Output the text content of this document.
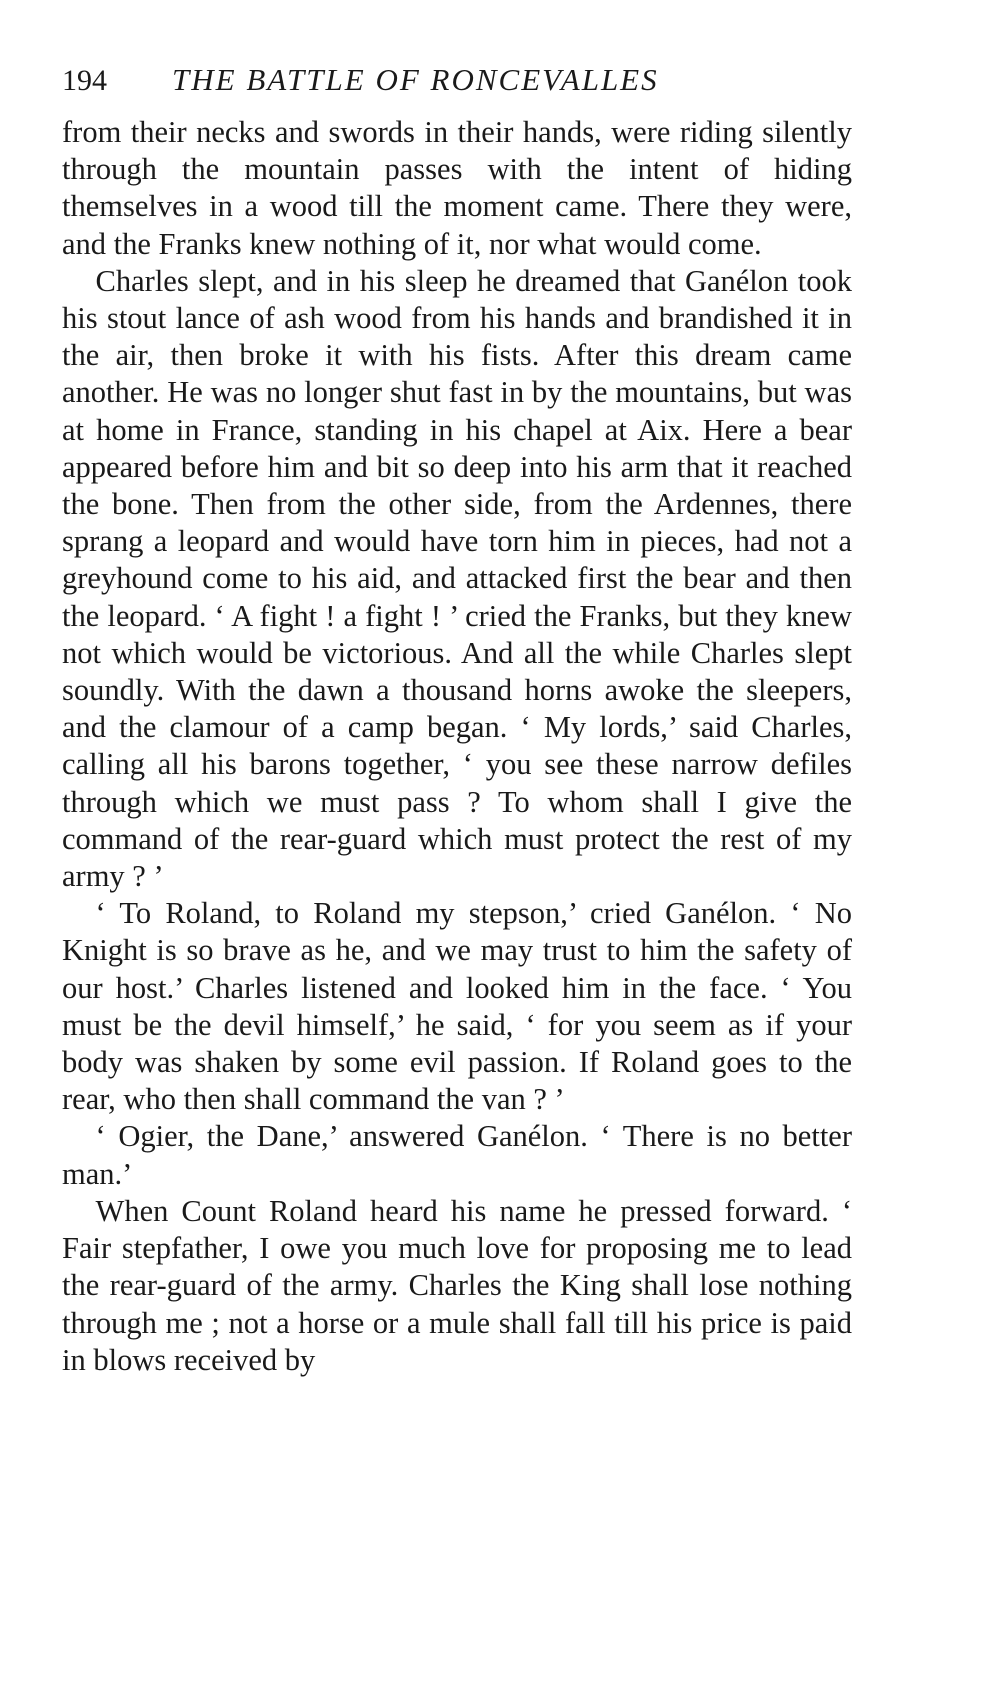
194	THE BATTLE OF RONCEVALLES

from their necks and swords in their hands, were riding silently through the mountain passes with the intent of hiding themselves in a wood till the moment came. There they were, and the Franks knew nothing of it, nor what would come.

Charles slept, and in his sleep he dreamed that Ganélon took his stout lance of ash wood from his hands and brandished it in the air, then broke it with his fists. After this dream came another. He was no longer shut fast in by the mountains, but was at home in France, standing in his chapel at Aix. Here a bear appeared before him and bit so deep into his arm that it reached the bone. Then from the other side, from the Ardennes, there sprang a leopard and would have torn him in pieces, had not a greyhound come to his aid, and attacked first the bear and then the leopard. ‘ A fight ! a fight ! ’ cried the Franks, but they knew not which would be victorious. And all the while Charles slept soundly. With the dawn a thousand horns awoke the sleepers, and the clamour of a camp began. ‘ My lords,’ said Charles, calling all his barons together, ‘ you see these narrow defiles through which we must pass ? To whom shall I give the command of the rear-guard which must protect the rest of my army ? ’

‘ To Roland, to Roland my stepson,’ cried Ganélon. ‘ No Knight is so brave as he, and we may trust to him the safety of our host.’ Charles listened and looked him in the face. ‘ You must be the devil himself,’ he said, ‘ for you seem as if your body was shaken by some evil passion. If Roland goes to the rear, who then shall command the van ? ’

‘ Ogier, the Dane,’ answered Ganélon. ‘ There is no better man.’

When Count Roland heard his name he pressed forward. ‘ Fair stepfather, I owe you much love for proposing me to lead the rear-guard of the army. Charles the King shall lose nothing through me ; not a horse or a mule shall fall till his price is paid in blows received by
